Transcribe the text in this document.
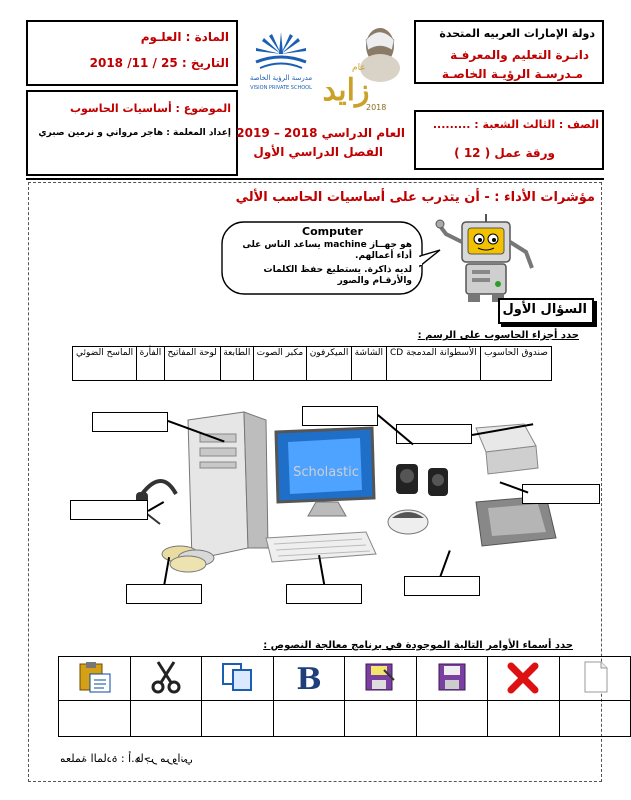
دولة الإمارات العربيه المتحدة
دانـرة التعليم والمعرفـة
مـدرسـة الرؤيـة الخاصـة
المادة : العلـوم
التاريخ : 25 / 11/ 2018
مدرسة الرؤية الخاصة
VISION PRIVATE SCHOOL زايد
عام
2018
الصف : الثالث
الشعبة : .........
ورقة عمل ( 12 )
العام الدراسي 2018 – 2019
الفصل الدراسي الأول
الموضوع : أساسيات الحاسوب
إعداد المعلمة : هاجر مرواني و نرمين صبري
مؤشرات الأداء : - أن يتدرب على أساسيات الحاسب الألي
Computer
هو جهــاز machine يساعد الناس على أداء أعمالهم.
لديه ذاكرة. يستطيع حفظ الكلمات والأرقـام والصور
السؤال الأول
حدد أجزاء الحاسوب على الرسم :
صندوق الحاسوب	الأسطوانة المدمجة CD	الشاشة	الميكرفون	مكبر الصوت	الطابعة	لوحة المفاتيح	الفأرة	الماسح الضوئي
Scholastic
حدد أسماء الأوامر التالية الموجودة في برنامج معالجة النصوص :

B

معلمة المادة : أ.هاجر مرواني
